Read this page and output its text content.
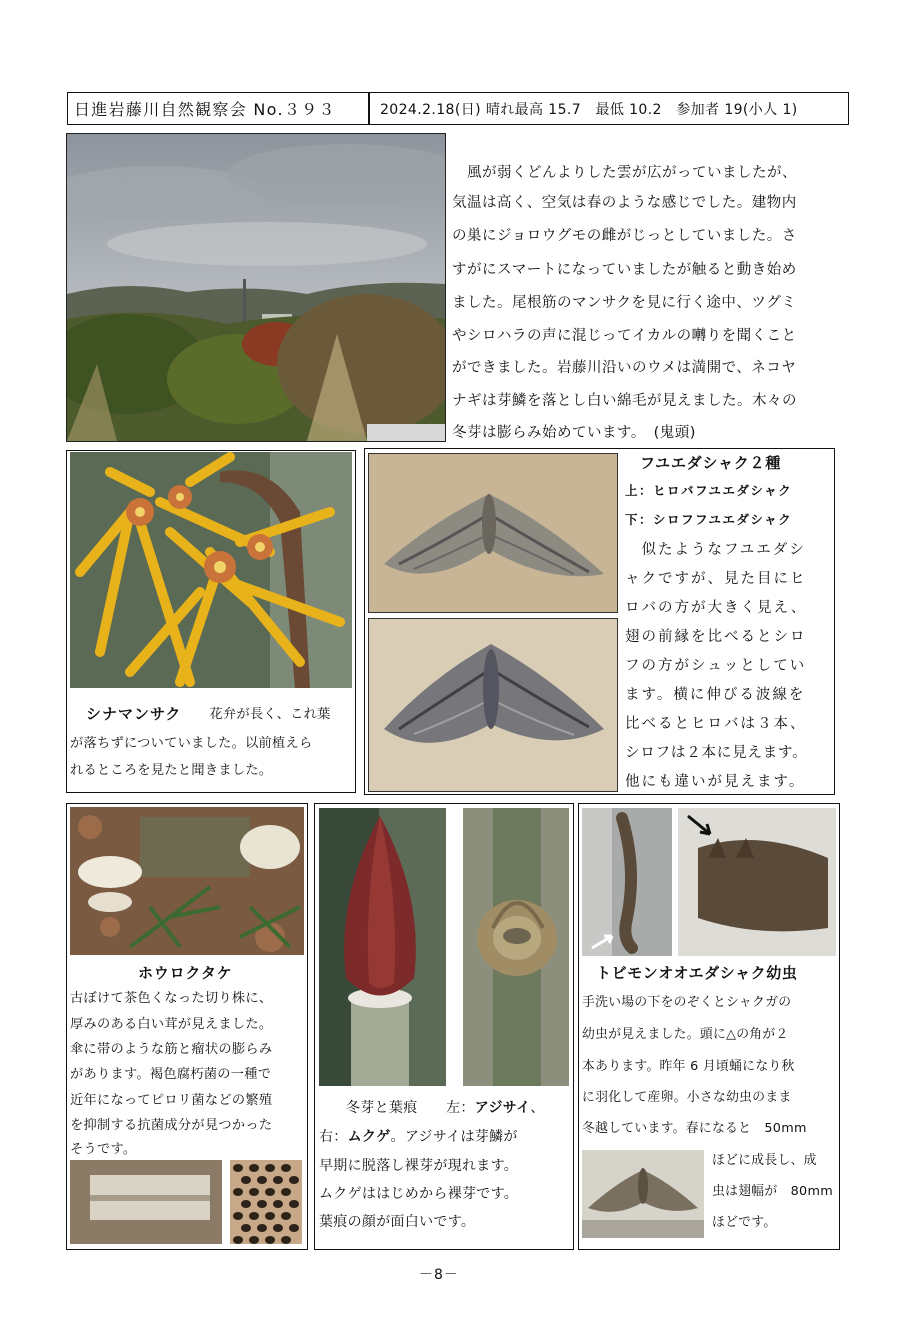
日進岩藤川自然観察会 No.３９３	2024.2.18(日) 晴れ最高 15.7　最低 10.2　参加者 19(小人 1)
　風が弱くどんよりした雲が広がっていましたが、
気温は高く、空気は春のような感じでした。建物内
の巣にジョロウグモの雌がじっとしていました。さ
すがにスマートになっていましたが触ると動き始め
ました。尾根筋のマンサクを見に行く途中、ツグミ
やシロハラの声に混じってイカルの囀りを聞くこと
ができました。岩藤川沿いのウメは満開で、ネコヤ
ナギは芽鱗を落とし白い綿毛が見えました。木々の
冬芽は膨らみ始めています。　(鬼頭)
シナマンサク 　花弁が長く、これ葉
が落ちずについていました。以前植えら
れるところを見たと聞きました。
フユエダシャク２種
上：ヒロバフユエダシャク
下：シロフフユエダシャク
　似たようなフユエダシ
ャクですが、見た目にヒ
ロバの方が大きく見え、
翅の前縁を比べるとシロ
フの方がシュッとしてい
ます。横に伸びる波線を
比べるとヒロバは３本、
シロフは２本に見えます。
他にも違いが見えます。
ホウロクタケ
古ぼけて茶色くなった切り株に、
厚みのある白い茸が見えました。
傘に帯のような筋と瘤状の膨らみ
があります。褐色腐朽菌の一種で
近年になってピロリ菌などの繁殖
を抑制する抗菌成分が見つかった
そうです。
冬芽と葉痕　　左：アジサイ、
右：ムクゲ。アジサイは芽鱗が
早期に脱落し裸芽が現れます。
ムクゲははじめから裸芽です。
葉痕の顔が面白いです。
トビモンオオエダシャク幼虫
手洗い場の下をのぞくとシャクガの
幼虫が見えました。頭に△の角が２
本あります。昨年 6 月頃蛹になり秋
に羽化して産卵。小さな幼虫のまま
冬越しています。春になると　50mm
ほどに成長し、成
虫は翅幅が　80mm
ほどです。
－8－
